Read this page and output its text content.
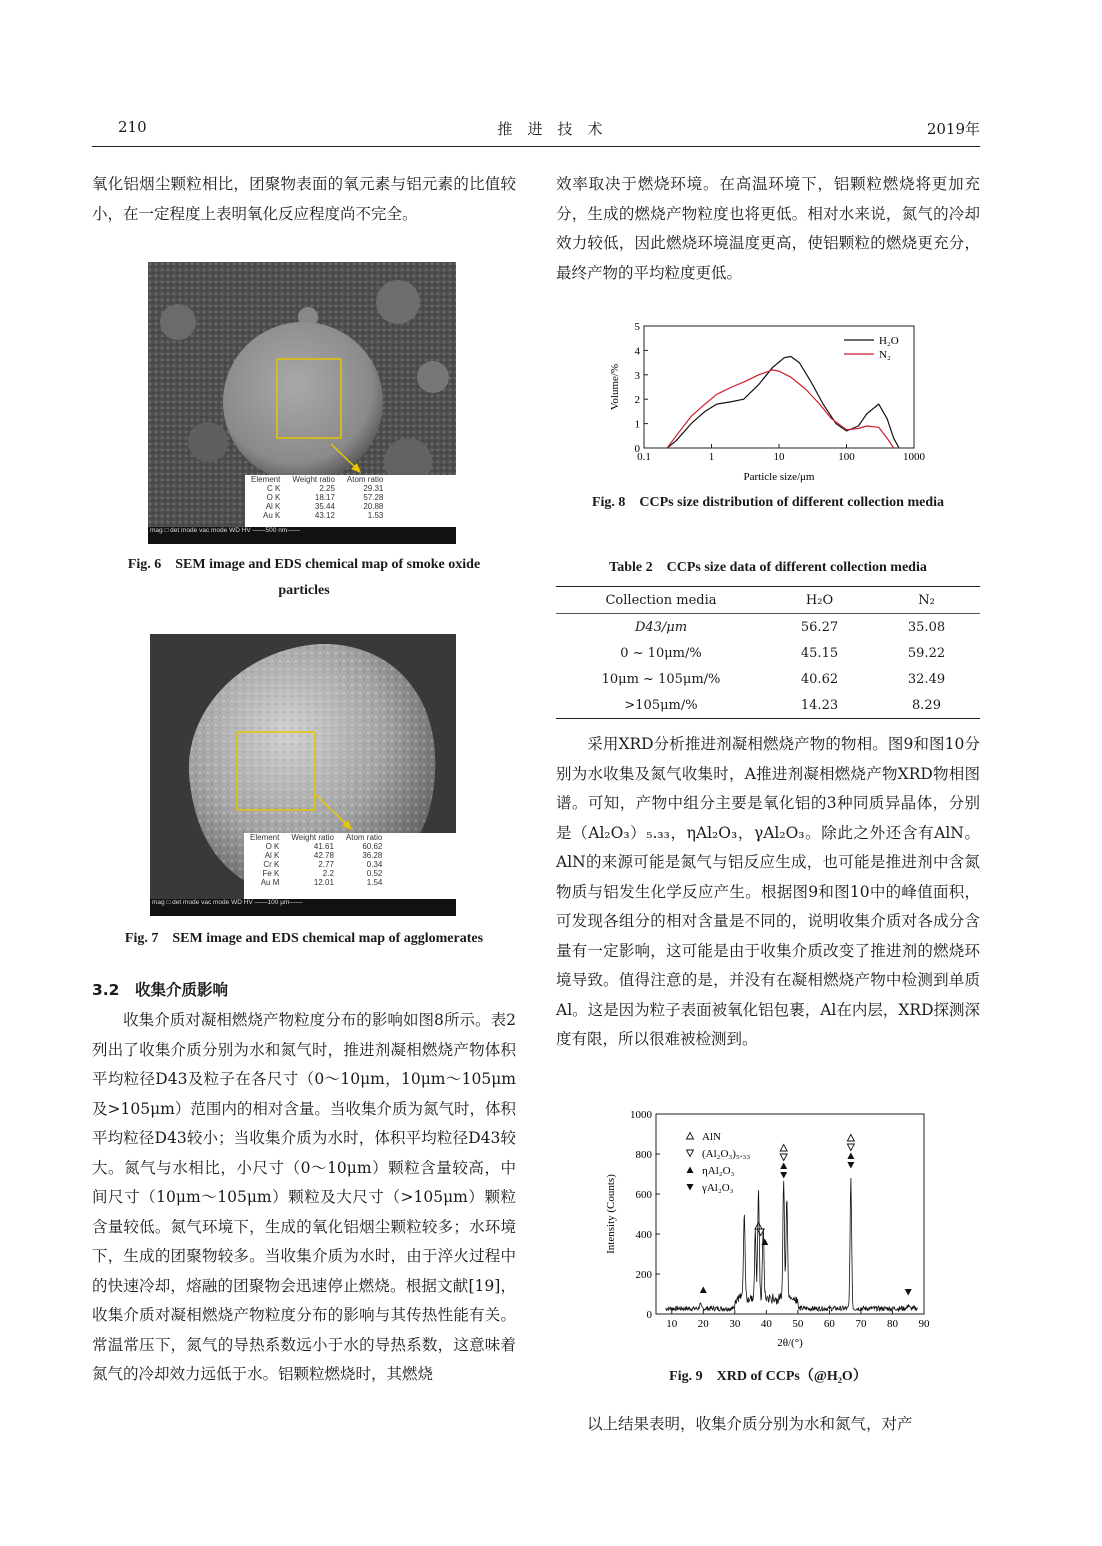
210	推　进　技　术	2019年
氧化铝烟尘颗粒相比，团聚物表面的氧元素与铝元素的比值较小，在一定程度上表明氧化反应程度尚不完全。
Element	Weight ratio	Atom ratio
C K	2.25	29.31
O K	18.17	57.28
Al K	35.44	20.88
Au K	43.12	1.53
mag □ det mode vac mode WD HV ——500 nm——
Fig. 6　SEM image and EDS chemical map of smoke oxide
particles
Element	Weight ratio	Atom ratio
O K	41.61	60.62
Al K	42.78	36.28
Cr K	2.77	0.34
Fe K	2.2	0.52
Au M	12.01	1.54
mag □ det mode vac mode WD HV ——100 μm——
Fig. 7　SEM image and EDS chemical map of agglomerates
3.2　收集介质影响
　　收集介质对凝相燃烧产物粒度分布的影响如图8所示。表2列出了收集介质分别为水和氮气时，推进剂凝相燃烧产物体积平均粒径D43及粒子在各尺寸（0～10μm，10μm～105μm及>105μm）范围内的相对含量。当收集介质为氮气时，体积平均粒径D43较小；当收集介质为水时，体积平均粒径D43较大。氮气与水相比，小尺寸（0～10μm）颗粒含量较高，中间尺寸（10μm～105μm）颗粒及大尺寸（>105μm）颗粒含量较低。氮气环境下，生成的氧化铝烟尘颗粒较多；水环境下，生成的团聚物较多。当收集介质为水时，由于淬火过程中的快速冷却，熔融的团聚物会迅速停止燃烧。根据文献[19]，收集介质对凝相燃烧产物粒度分布的影响与其传热性能有关。常温常压下，氮气的导热系数远小于水的导热系数，这意味着氮气的冷却效力远低于水。铝颗粒燃烧时，其燃烧
效率取决于燃烧环境。在高温环境下，铝颗粒燃烧将更加充分，生成的燃烧产物粒度也将更低。相对水来说，氮气的冷却效力较低，因此燃烧环境温度更高，使铝颗粒的燃烧更充分，最终产物的平均粒度更低。
0.1	1	10	100	1000
0
1
2
3
4
5
Particle size/μm
Volume/%
H₂O
N₂
Fig. 8　CCPs size distribution of different collection media
Table 2　CCPs size data of different collection media
Collection media	H₂O	N₂
D43/μm	56.27	35.08
0 ~ 10μm/%	45.15	59.22
10μm ~ 105μm/%	40.62	32.49
>105μm/%	14.23	8.29
　　采用XRD分析推进剂凝相燃烧产物的物相。图9和图10分别为水收集及氮气收集时，A推进剂凝相燃烧产物XRD物相图谱。可知，产物中组分主要是氧化铝的3种同质异晶体，分别是（Al₂O₃）₅.₃₃，ηAl₂O₃，γAl₂O₃。除此之外还含有AlN。AlN的来源可能是氮气与铝反应生成，也可能是推进剂中含氮物质与铝发生化学反应产生。根据图9和图10中的峰值面积，可发现各组分的相对含量是不同的，说明收集介质对各成分含量有一定影响，这可能是由于收集介质改变了推进剂的燃烧环境导致。值得注意的是，并没有在凝相燃烧产物中检测到单质Al。这是因为粒子表面被氧化铝包裹，Al在内层，XRD探测深度有限，所以很难被检测到。
10 20 30 40 50 60 70 80 90
0
200
400
600
800
1000
2θ/(°)
Intensity (Counts)
AlN
(Al₂O₃)₅.₃₃
ηAl₂O₃
γAl₂O₃
Fig. 9　XRD of CCPs（@H₂O）
　　以上结果表明，收集介质分别为水和氮气，对产
